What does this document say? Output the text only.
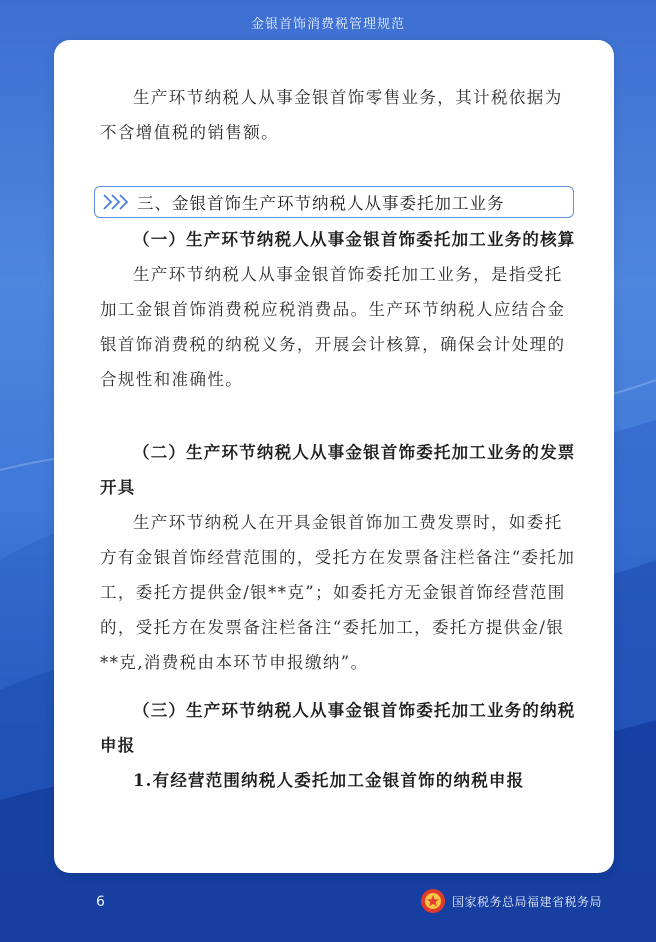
金银首饰消费税管理规范

生产环节纳税人从事金银首饰零售业务，其计税依据为不含增值税的销售额。

三、金银首饰生产环节纳税人从事委托加工业务

（一）生产环节纳税人从事金银首饰委托加工业务的核算

生产环节纳税人从事金银首饰委托加工业务，是指受托加工金银首饰消费税应税消费品。生产环节纳税人应结合金银首饰消费税的纳税义务，开展会计核算，确保会计处理的合规性和准确性。

（二）生产环节纳税人从事金银首饰委托加工业务的发票开具

生产环节纳税人在开具金银首饰加工费发票时，如委托方有金银首饰经营范围的，受托方在发票备注栏备注“委托加工，委托方提供金/银**克”；如委托方无金银首饰经营范围的，受托方在发票备注栏备注“委托加工，委托方提供金/银**克,消费税由本环节申报缴纳”。

（三）生产环节纳税人从事金银首饰委托加工业务的纳税申报

1.有经营范围纳税人委托加工金银首饰的纳税申报

6	国家税务总局福建省税务局
